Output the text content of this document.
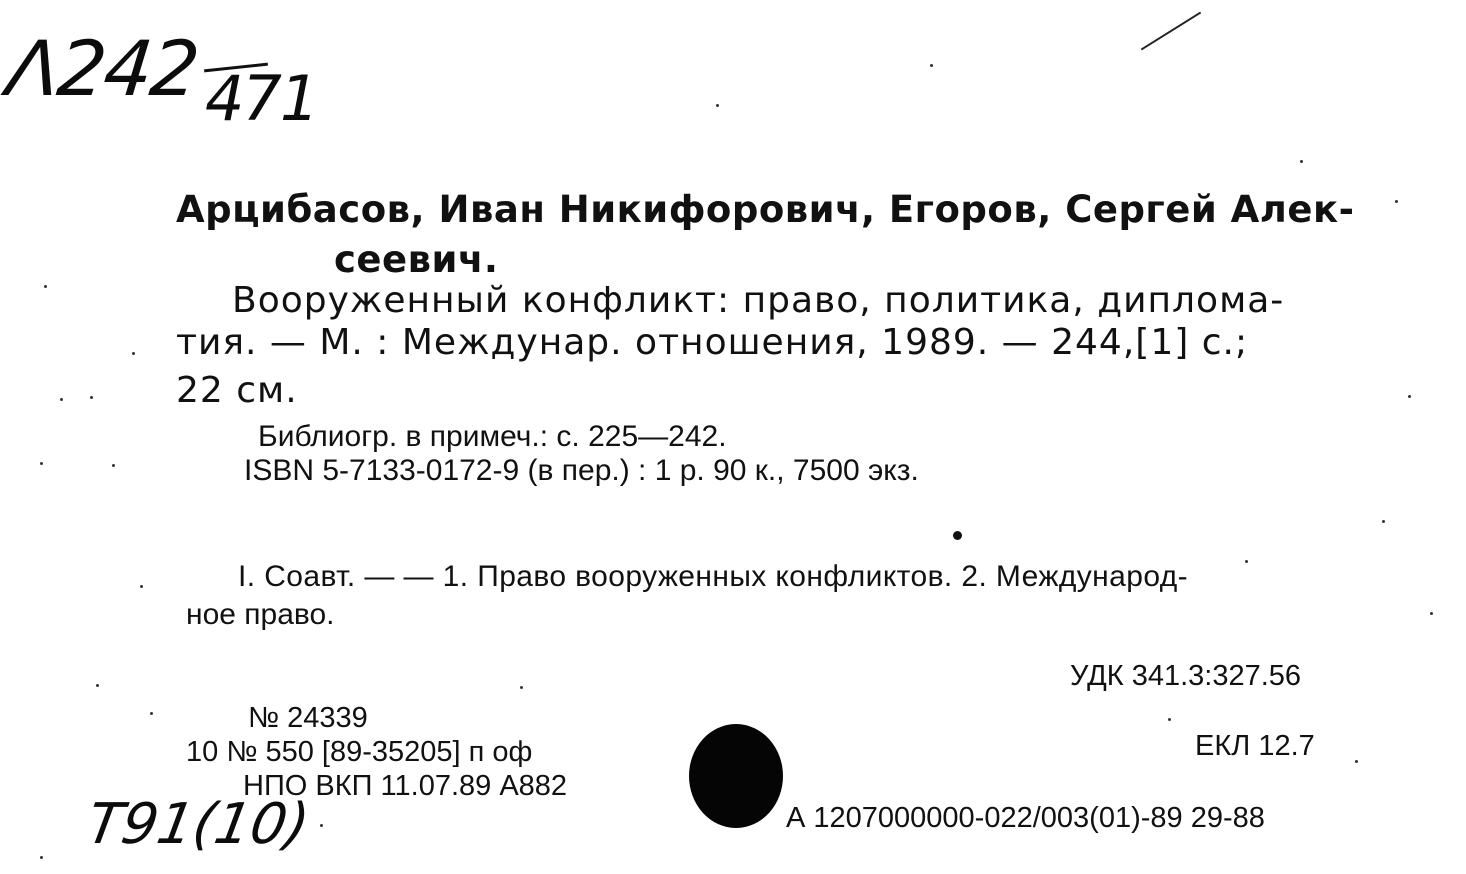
Λ242 471
Арцибасов, Иван Никифорович, Егоров, Сергей Алек-
сеевич.
Вооруженный конфликт: право, политика, диплома-
тия. — М. : Междунар. отношения, 1989. — 244,[1] с.;
22 см.
Библиогр. в примеч.: с. 225—242.
ISBN 5-7133-0172-9 (в пер.) : 1 р. 90 к., 7500 экз.
I. Соавт. — — 1. Право вооруженных конфликтов. 2. Международ-
ное право.
УДК 341.3:327.56
ЕКЛ 12.7
А 1207000000-022/003(01)-89 29-88
№ 24339
10 № 550 [89-35205] п оф
НПО ВКП 11.07.89 А882
Т91(10)
